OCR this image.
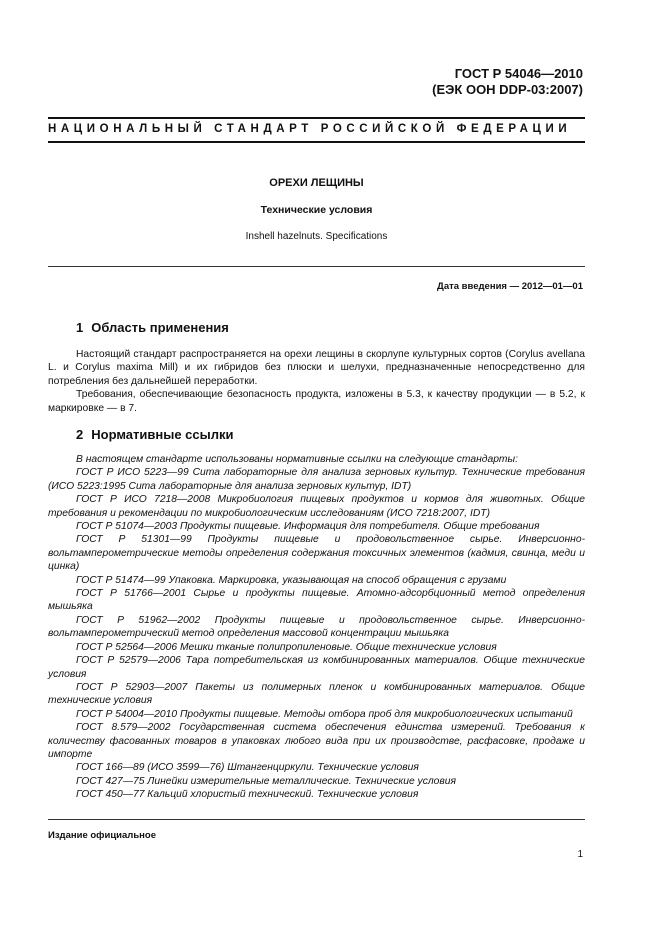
ГОСТ Р 54046—2010
(ЕЭК ООН DDP-03:2007)
НАЦИОНАЛЬНЫЙ СТАНДАРТ РОССИЙСКОЙ ФЕДЕРАЦИИ
ОРЕХИ ЛЕЩИНЫ
Технические условия
Inshell hazelnuts. Specifications
Дата введения — 2012—01—01
1 Область применения

Настоящий стандарт распространяется на орехи лещины в скорлупе культурных сортов (Corylus avellana L. и Corylus maxima Mill) и их гибридов без плюски и шелухи, предназначенные непосредственно для потребления без дальнейшей переработки.

Требования, обеспечивающие безопасность продукта, изложены в 5.3, к качеству продукции — в 5.2, к маркировке — в 7.

2 Нормативные ссылки

В настоящем стандарте использованы нормативные ссылки на следующие стандарты:

ГОСТ Р ИСО 5223—99 Сита лабораторные для анализа зерновых культур. Технические требования (ИСО 5223:1995 Сита лабораторные для анализа зерновых культур, IDT)

ГОСТ Р ИСО 7218—2008 Микробиология пищевых продуктов и кормов для животных. Общие требования и рекомендации по микробиологическим исследованиям (ИСО 7218:2007, IDT)

ГОСТ Р 51074—2003 Продукты пищевые. Информация для потребителя. Общие требования

ГОСТ Р 51301—99 Продукты пищевые и продовольственное сырье. Инверсионно-вольтамперометрические методы определения содержания токсичных элементов (кадмия, свинца, меди и цинка)

ГОСТ Р 51474—99 Упаковка. Маркировка, указывающая на способ обращения с грузами

ГОСТ Р 51766—2001 Сырье и продукты пищевые. Атомно-адсорбционный метод определения мышьяка

ГОСТ Р 51962—2002 Продукты пищевые и продовольственное сырье. Инверсионно-вольтамперометрический метод определения массовой концентрации мышьяка

ГОСТ Р 52564—2006 Мешки тканые полипропиленовые. Общие технические условия

ГОСТ Р 52579—2006 Тара потребительская из комбинированных материалов. Общие технические условия

ГОСТ Р 52903—2007 Пакеты из полимерных пленок и комбинированных материалов. Общие технические условия

ГОСТ Р 54004—2010 Продукты пищевые. Методы отбора проб для микробиологических испытаний

ГОСТ 8.579—2002 Государственная система обеспечения единства измерений. Требования к количеству фасованных товаров в упаковках любого вида при их производстве, расфасовке, продаже и импорте

ГОСТ 166—89 (ИСО 3599—76) Штангенциркули. Технические условия

ГОСТ 427—75 Линейки измерительные металлические. Технические условия

ГОСТ 450—77 Кальций хлористый технический. Технические условия

Издание официальное
1
